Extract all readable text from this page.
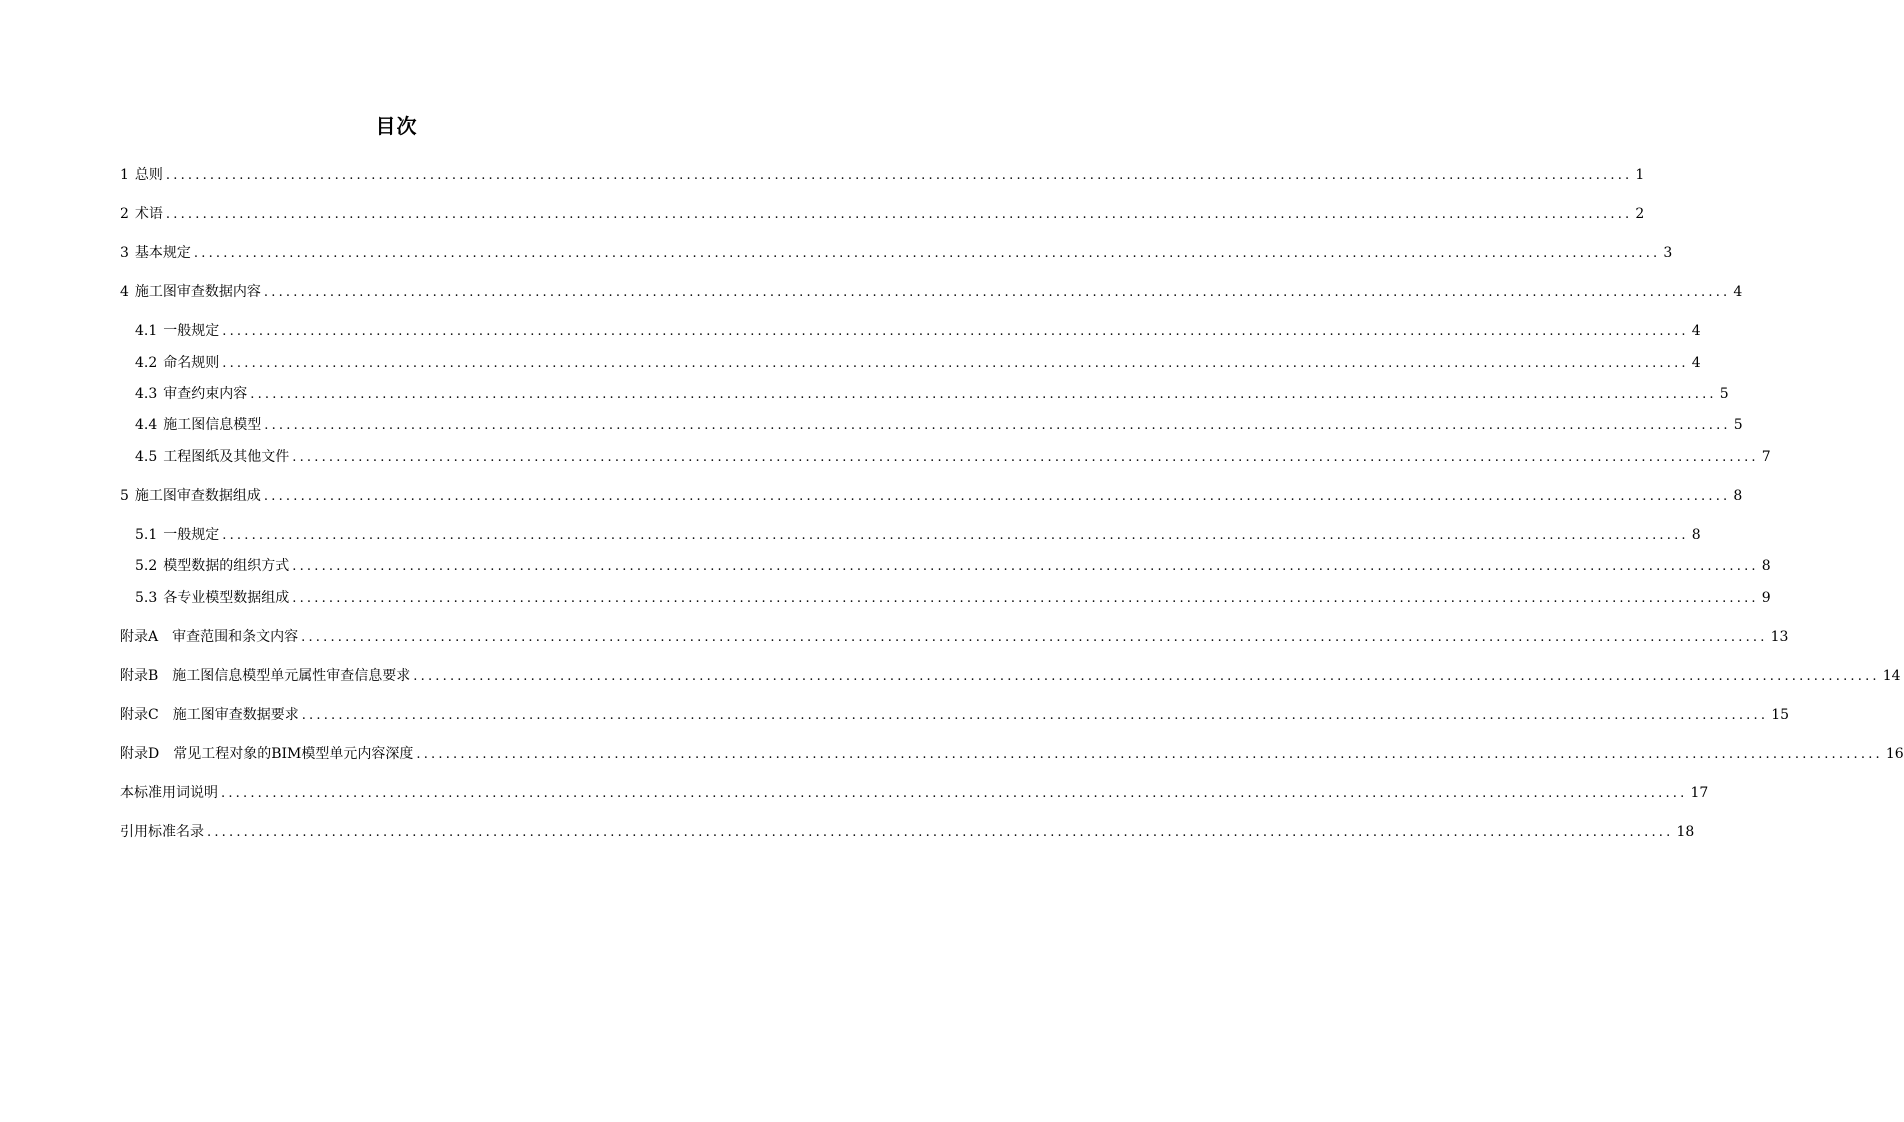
目次
1 总则 ........................................................................................................................................................................................................ 1
2 术语 ........................................................................................................................................................................................................ 2
3 基本规定 ........................................................................................................................................................................................................ 3
4 施工图审查数据内容 ........................................................................................................................................................................................................ 4
4.1 一般规定 ........................................................................................................................................................................................................ 4
4.2 命名规则 ........................................................................................................................................................................................................ 4
4.3 审查约束内容 ........................................................................................................................................................................................................ 5
4.4 施工图信息模型 ........................................................................................................................................................................................................ 5
4.5 工程图纸及其他文件 ........................................................................................................................................................................................................ 7
5 施工图审查数据组成 ........................................................................................................................................................................................................ 8
5.1 一般规定 ........................................................................................................................................................................................................ 8
5.2 模型数据的组织方式 ........................................................................................................................................................................................................ 8
5.3 各专业模型数据组成 ........................................................................................................................................................................................................ 9
附录A 审查范围和条文内容 ........................................................................................................................................................................................................ 13
附录B 施工图信息模型单元属性审查信息要求 ........................................................................................................................................................................................................ 14
附录C 施工图审查数据要求 ........................................................................................................................................................................................................ 15
附录D 常见工程对象的BIM模型单元内容深度 ........................................................................................................................................................................................................ 16
本标准用词说明 ........................................................................................................................................................................................................ 17
引用标准名录 ........................................................................................................................................................................................................ 18
